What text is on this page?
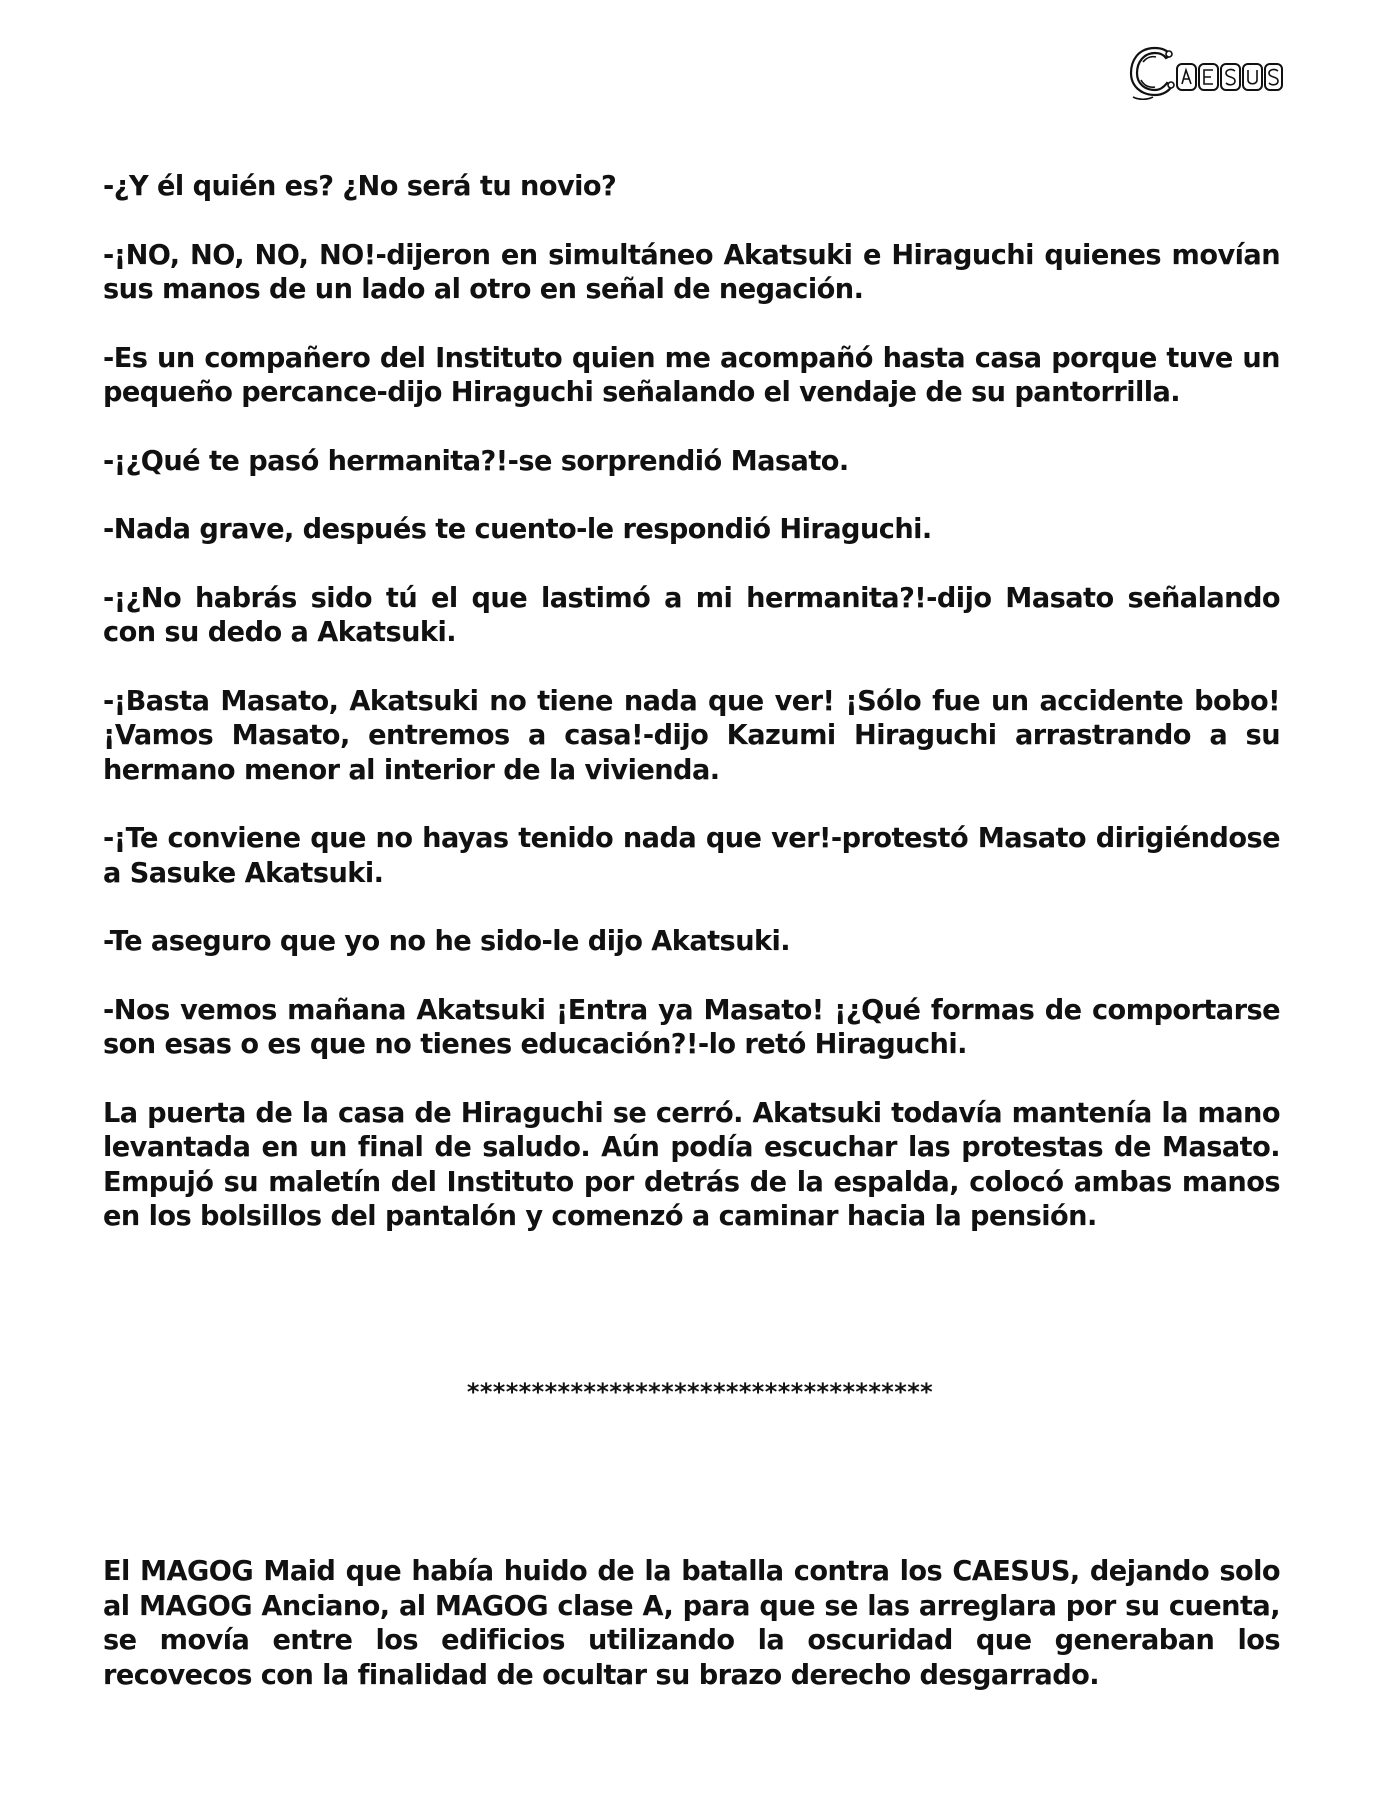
-¿Y él quién es? ¿No será tu novio?

-¡NO, NO, NO, NO!-dijeron en simultáneo Akatsuki e Hiraguchi quienes movían sus manos de un lado al otro en señal de negación.

-Es un compañero del Instituto quien me acompañó hasta casa porque tuve un pequeño percance-dijo Hiraguchi señalando el vendaje de su pantorrilla.

-¡¿Qué te pasó hermanita?!-se sorprendió Masato.

-Nada grave, después te cuento-le respondió Hiraguchi.

-¡¿No habrás sido tú el que lastimó a mi hermanita?!-dijo Masato señalando con su dedo a Akatsuki.

-¡Basta Masato, Akatsuki no tiene nada que ver! ¡Sólo fue un accidente bobo! ¡Vamos Masato, entremos a casa!-dijo Kazumi Hiraguchi arrastrando a su hermano menor al interior de la vivienda.

-¡Te conviene que no hayas tenido nada que ver!-protestó Masato dirigiéndose a Sasuke Akatsuki.

-Te aseguro que yo no he sido-le dijo Akatsuki.

-Nos vemos mañana Akatsuki ¡Entra ya Masato! ¡¿Qué formas de comportarse son esas o es que no tienes educación?!-lo retó Hiraguchi.

La puerta de la casa de Hiraguchi se cerró. Akatsuki todavía mantenía la mano levantada en un final de saludo. Aún podía escuchar las protestas de Masato. Empujó su maletín del Instituto por detrás de la espalda, colocó ambas manos en los bolsillos del pantalón y comenzó a caminar hacia la pensión.

************************************

El MAGOG Maid que había huido de la batalla contra los CAESUS, dejando solo al MAGOG Anciano, al MAGOG clase A, para que se las arreglara por su cuenta, se movía entre los edificios utilizando la oscuridad que generaban los recovecos con la finalidad de ocultar su brazo derecho desgarrado.
